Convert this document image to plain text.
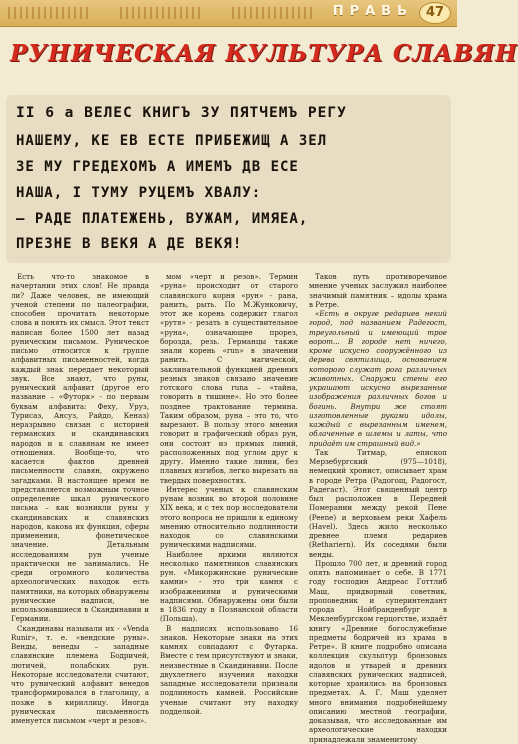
ПРАВЬ 47
РУНИЧЕСКАЯ КУЛЬТУРА СЛАВЯН
II 6 а ВЕЛЕС КНИГЪ ЗУ ПЯТЧЕМЪ РЕГУ
НАШЕМУ, КЕ ЕВ ЕСТЕ ПРИБЕЖИЩ А ЗЕЛ
ЗЕ МУ ГРЕДЕХОМЪ А ИМЕМЪ ДВ ЕСЕ
НАША, I ТУМУ РУЦЕМЪ ХВАЛУ:
— РАДЕ ПЛАТЕЖЕНЬ, ВУЖАМ, ИМЯЕА,
ПРЕЗНЕ В ВЕКЯ А ДЕ ВЕКЯ!

Есть что-то знакомое в начертании этих слов! Не правда ли? Даже человек, не имеющий ученой степени по палеографии, способен прочитать некоторые слова и понять их смысл. Этот текст написан более 1500 лет назад руническим письмом. Руническое письмо относится к группе алфавитных письменностей, когда каждый знак передает некоторый звук. Все знают, что руны, рунический алфавит (другое его название – «Футорк» - по первым буквам алфавита: Феху, Уруз, Турисаз, Ансуз, Райдо, Кеназ) неразрывно связан с историей германских и скандинавских народов и к славянам не имеет отношения. Вообще-то, что касается фактов древней письменности славян, окружено загадками. В настоящее время не представляется возможным точное определение шкал рунического письма – как возникли руны у скандинавских и славянских народов, какова их функция, сферы применения, фонетическое значение. Детальным исследованиям рун ученые практически не занимались. Не среди огромного количества археологических находок есть памятники, на которых обнаружены рунические надписи, не использовавшиеся в Скандинавии и Германии.

Скандинавы называли их - «Venda Runir», т. е. «вендские руны». Венды, венеды – западные славянские племена Бодричей, лютичей, полабских рун. Некоторые исследователи считают, что рунический алфавит венедов трансформировался в глаголицу, а позже в кириллицу. Иногда руническая письменность именуется письмом «черт и резов».

мом «черт и резов». Термин «руна» происходит от старого славянского корня «рун» - рана, ранить, рыть. По М.Жунковичу, этот же корень содержит глагол «рутя» - резать в существительное «руна», означающее прорез, борозда, резь. Германцы также знали корень «run» в значении ранить. С магической, заклинательной функцией древних резных знаков связано значение готского слова runa – «тайна, говорить в тишине». Но это более позднее трактование термина. Таким образом, руна – это то, что вырезают. В пользу этого мнения говорит и графический образ рун, они состоят из прямых линий, расположенных под углом друг к другу. Именно такие линии, без плавных изгибов, легко вырезать на твердых поверхностях.

Интерес ученых к славянским рунам возник во второй половине XIX века, и с тех пор исследователи этого вопроса не пришли к единому мнению относительно подлинности находок со славянскими руническими надписями.

Наиболее яркими являются несколько памятников славянских рун. «Микоржинские рунические камни» - это три камня с изображениями и руническими надписями. Обнаружены они были в 1836 году в Познанской области (Польша).

В надписях использовано 16 знаков. Некоторые знаки на этих камнях совпадают с Футарка. Вместе с тем присутствуют и знаки, неизвестные в Скандинавии. После двухлетнего изучения находки западные исследователи признали подлинность камней. Российские ученые считают эту находку подделкой.

Таков путь противоречивое мнение ученых заслужил наиболее значимый памятник – идолы храма в Ретре.

«Есть в округе редариев некий город, под названием Радегост, треугольный и имеющий трое ворот... В городе нет ничего, кроме искусно сооружённого из дерева святилища, основанием которого служат рога различных животных. Снаружи стены его украшают искусно вырезанные изображения различных богов и богинь. Внутри же стоят изготовленные руками идолы, каждый с вырезанным именем, облаченные в шлемы и латы, что придаёт им страшный вид.»

Так Титмар, епископ Мерзебургский (975—1018), немецкий хронист, описывает храм в городе Ретра (Радогощ, Радогост, Радегаст). Этот священный центр был расположен в Передней Померании между рекой Пене (Peene) и верховьем реки Хафель (Havel). Здесь жило несколько древнее племя редариев (Rethariern). Их соседями были венды.

Прошло 700 лет, и древний город опять напоминает о себе. В 1771 году господин Андреас Готтлиб Маш, придворный советник, проповедник и суперинтендант города Нойбранденбург в Мекленбургском герцогстве, издаёт книгу «Древние богослужебные предметы бодричей из храма в Ретре». В книге подробно описана коллекция скульптур бронзовых идолов и утварей и древних славянских рунических надписей, которые хранились на бронзовых предметах. А. Г. Маш уделяет много внимания подробнейшему описанию местной географии, доказывая, что исследованные им археологические находки принадлежали знаменитому
